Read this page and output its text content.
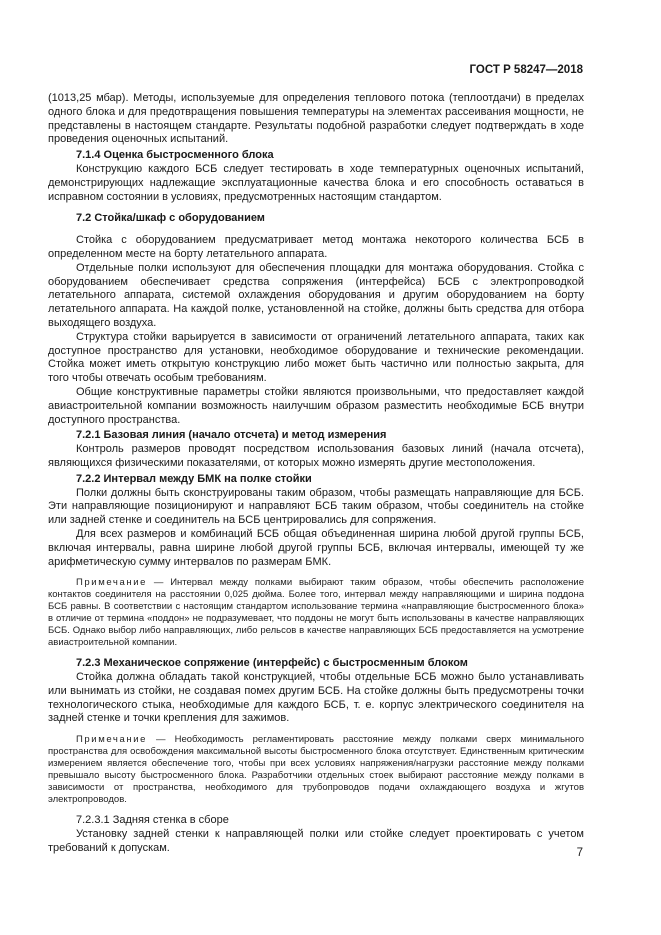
ГОСТ Р 58247—2018

(1013,25 мбар). Методы, используемые для определения теплового потока (теплоотдачи) в пределах одного блока и для предотвращения повышения температуры на элементах рассеивания мощности, не представлены в настоящем стандарте. Результаты подобной разработки следует подтверждать в ходе проведения оценочных испытаний.

7.1.4 Оценка быстросменного блока

Конструкцию каждого БСБ следует тестировать в ходе температурных оценочных испытаний, демонстрирующих надлежащие эксплуатационные качества блока и его способность оставаться в исправном состоянии в условиях, предусмотренных настоящим стандартом.

7.2 Стойка/шкаф с оборудованием

Стойка с оборудованием предусматривает метод монтажа некоторого количества БСБ в определенном месте на борту летательного аппарата.

Отдельные полки используют для обеспечения площадки для монтажа оборудования. Стойка с оборудованием обеспечивает средства сопряжения (интерфейса) БСБ с электропроводкой летательного аппарата, системой охлаждения оборудования и другим оборудованием на борту летательного аппарата. На каждой полке, установленной на стойке, должны быть средства для отбора выходящего воздуха.

Структура стойки варьируется в зависимости от ограничений летательного аппарата, таких как доступное пространство для установки, необходимое оборудование и технические рекомендации. Стойка может иметь открытую конструкцию либо может быть частично или полностью закрыта, для того чтобы отвечать особым требованиям.

Общие конструктивные параметры стойки являются произвольными, что предоставляет каждой авиастроительной компании возможность наилучшим образом разместить необходимые БСБ внутри доступного пространства.

7.2.1 Базовая линия (начало отсчета) и метод измерения

Контроль размеров проводят посредством использования базовых линий (начала отсчета), являющихся физическими показателями, от которых можно измерять другие местоположения.

7.2.2 Интервал между БМК на полке стойки

Полки должны быть сконструированы таким образом, чтобы размещать направляющие для БСБ. Эти направляющие позиционируют и направляют БСБ таким образом, чтобы соединитель на стойке или задней стенке и соединитель на БСБ центрировались для сопряжения.

Для всех размеров и комбинаций БСБ общая объединенная ширина любой другой группы БСБ, включая интервалы, равна ширине любой другой группы БСБ, включая интервалы, имеющей ту же арифметическую сумму интервалов по размерам БМК.

Примечание — Интервал между полками выбирают таким образом, чтобы обеспечить расположение контактов соединителя на расстоянии 0,025 дюйма. Более того, интервал между направляющими и ширина поддона БСБ равны. В соответствии с настоящим стандартом использование термина «направляющие быстросменного блока» в отличие от термина «поддон» не подразумевает, что поддоны не могут быть использованы в качестве направляющих БСБ. Однако выбор либо направляющих, либо рельсов в качестве направляющих БСБ предоставляется на усмотрение авиастроительной компании.

7.2.3 Механическое сопряжение (интерфейс) с быстросменным блоком

Стойка должна обладать такой конструкцией, чтобы отдельные БСБ можно было устанавливать или вынимать из стойки, не создавая помех другим БСБ. На стойке должны быть предусмотрены точки технологического стыка, необходимые для каждого БСБ, т. е. корпус электрического соединителя на задней стенке и точки крепления для зажимов.

Примечание — Необходимость регламентировать расстояние между полками сверх минимального пространства для освобождения максимальной высоты быстросменного блока отсутствует. Единственным критическим измерением является обеспечение того, чтобы при всех условиях напряжения/нагрузки расстояние между полками превышало высоту быстросменного блока. Разработчики отдельных стоек выбирают расстояние между полками в зависимости от пространства, необходимого для трубопроводов подачи охлаждающего воздуха и жгутов электропроводов.

7.2.3.1 Задняя стенка в сборе

Установку задней стенки к направляющей полки или стойке следует проектировать с учетом требований к допускам.	7
